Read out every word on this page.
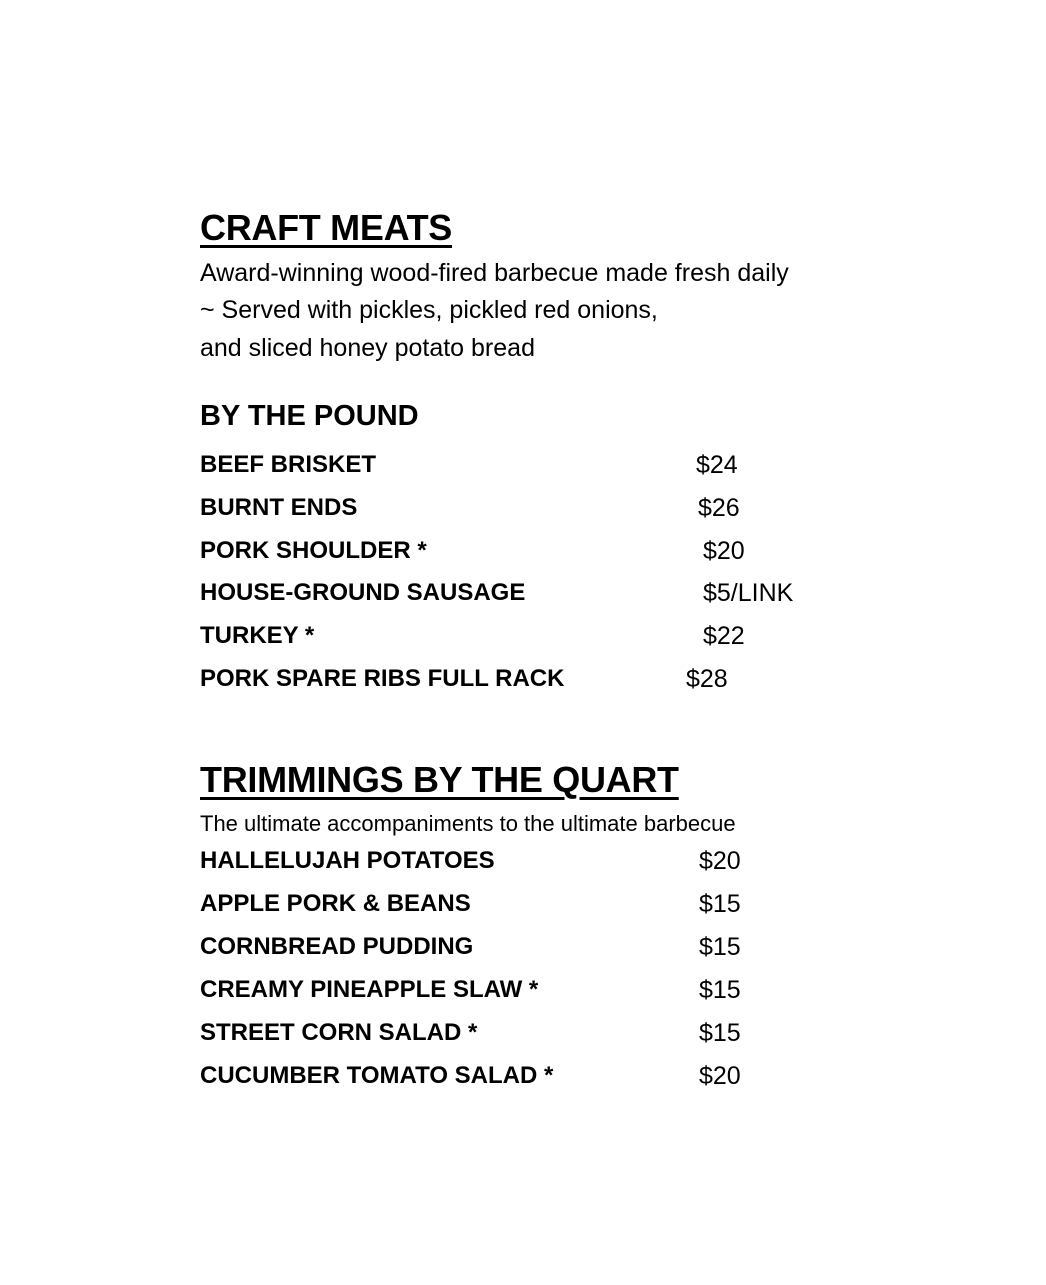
CRAFT MEATS
Award-winning wood-fired barbecue made fresh daily
~ Served with pickles, pickled red onions,
and sliced honey potato bread
BY THE POUND
BEEF BRISKET	$24
BURNT ENDS	$26
PORK SHOULDER *	$20
HOUSE-GROUND SAUSAGE	$5/LINK
TURKEY *	$22
PORK SPARE RIBS FULL RACK	$28
TRIMMINGS BY THE QUART
The ultimate accompaniments to the ultimate barbecue
HALLELUJAH POTATOES	$20
APPLE PORK & BEANS	$15
CORNBREAD PUDDING	$15
CREAMY PINEAPPLE SLAW *	$15
STREET CORN SALAD *	$15
CUCUMBER TOMATO SALAD *	$20
